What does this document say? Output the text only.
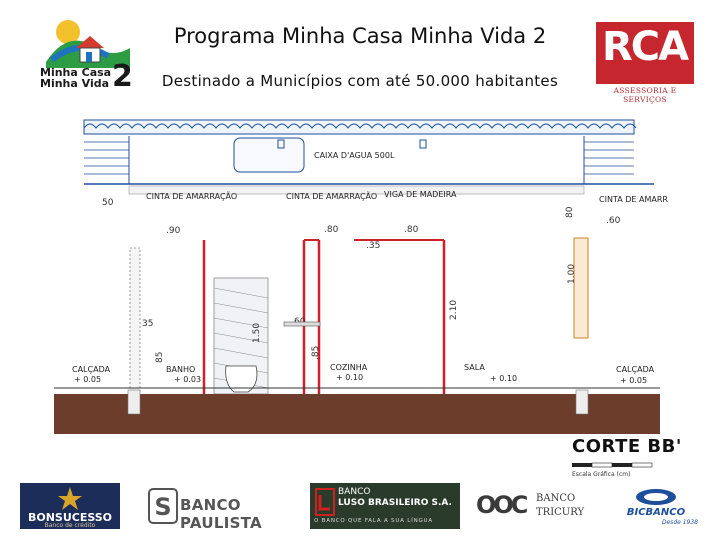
Minha Casa
Minha Vida 2
Programa Minha Casa Minha Vida 2
Destinado a Municípios com até 50.000 habitantes
RCA
ASSESSORIA E SERVIÇOS
CAIXA D'AGUA 500L
CINTA DE AMARRAÇÃO	CINTA DE AMARRAÇÃO VIGA DE MADEIRA
CINTA DE AMARR
50
80
.60
.90	.80	.80
.35
1.00
35
85
1.50
.85
2.10
CALÇADA
+ 0.05
BANHO
+ 0.03
COZINHA
+ 0.10
SALA
+ 0.10
CALÇADA
+ 0.05
CORTE BB'
Escala Gráfica (cm)
BONSUCESSO
Banco de crédito
S BANCO PAULISTA
BANCO
LUSO BRASILEIRO S.A.
O BANCO QUE FALA A SUA LÍNGUA
OOC BANCO
TRICURY	BICBANCO
Desde 1938
